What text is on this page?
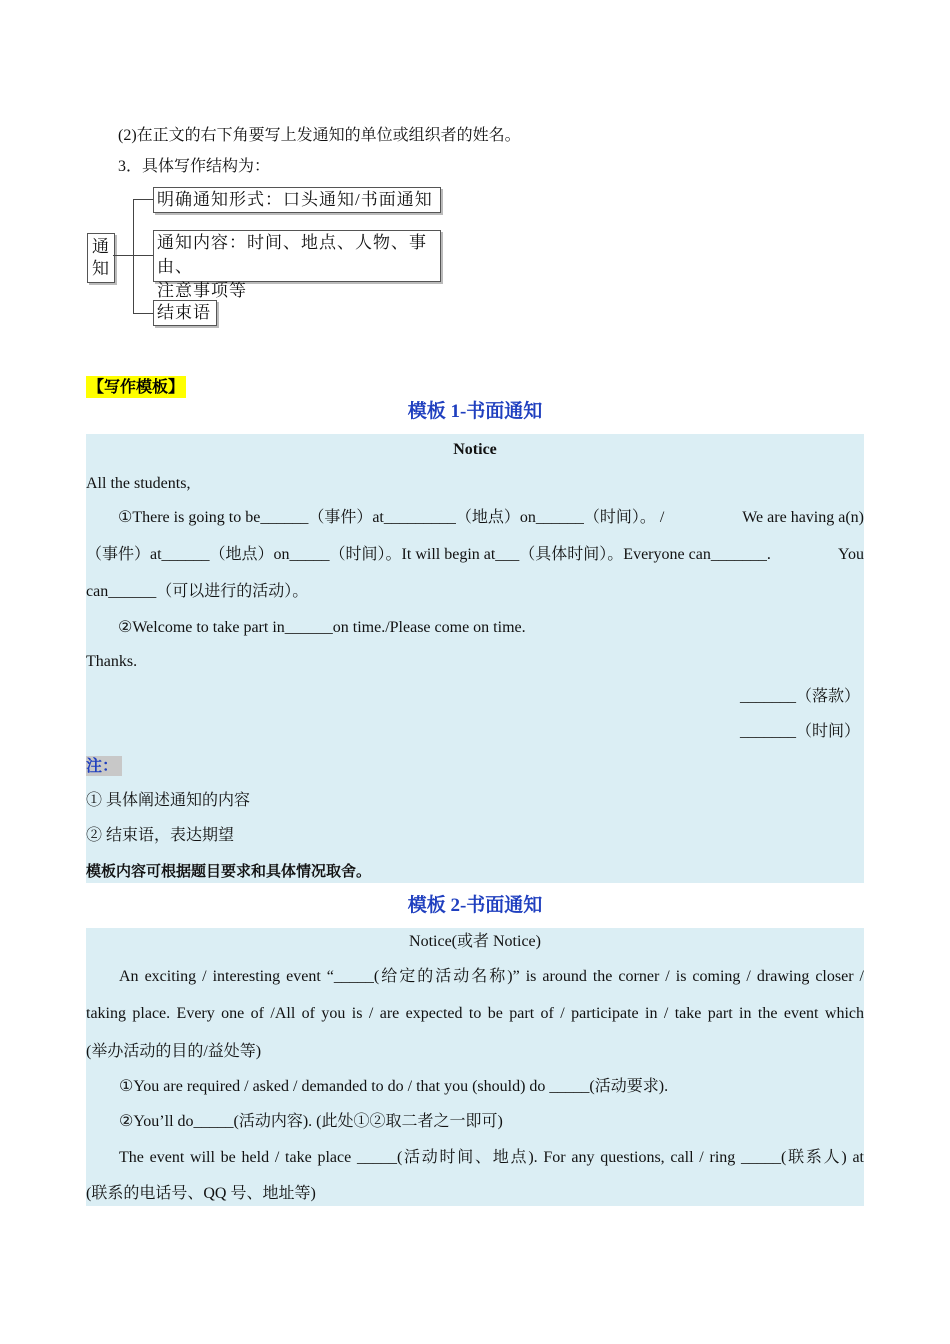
(2)在正文的右下角要写上发通知的单位或组织者的姓名。
3．具体写作结构为：
通知
明确通知形式：口头通知/书面通知
通知内容：时间、地点、人物、事由、
注意事项等
结束语
【写作模板】
模板 1-书面通知
Notice
All the students,
①There is going to be______（事件）at_________（地点）on______（时间）。 /	We are having a(n)
（事件）at______（地点）on_____（时间）。It will begin at___（具体时间）。Everyone can_______.	You
can______（可以进行的活动）。
②Welcome to take part in______on time./Please come on time.
Thanks.
_______（落款）
_______（时间）
注：
① 具体阐述通知的内容
② 结束语，表达期望
模板内容可根据题目要求和具体情况取舍。
模板 2-书面通知
Notice(或者 Notice)
An exciting / interesting event “_____(给定的活动名称)” is around the corner / is coming / drawing closer /
taking place. Every one of /All of you is / are expected to be part of / participate in / take part in the event which
(举办活动的目的/益处等)
①You are required / asked / demanded to do / that you (should) do _____(活动要求).
②You’ll do_____(活动内容). (此处①②取二者之一即可)
The event will be held / take place _____(活动时间、地点). For any questions, call / ring _____(联系人) at
(联系的电话号、QQ 号、地址等)
